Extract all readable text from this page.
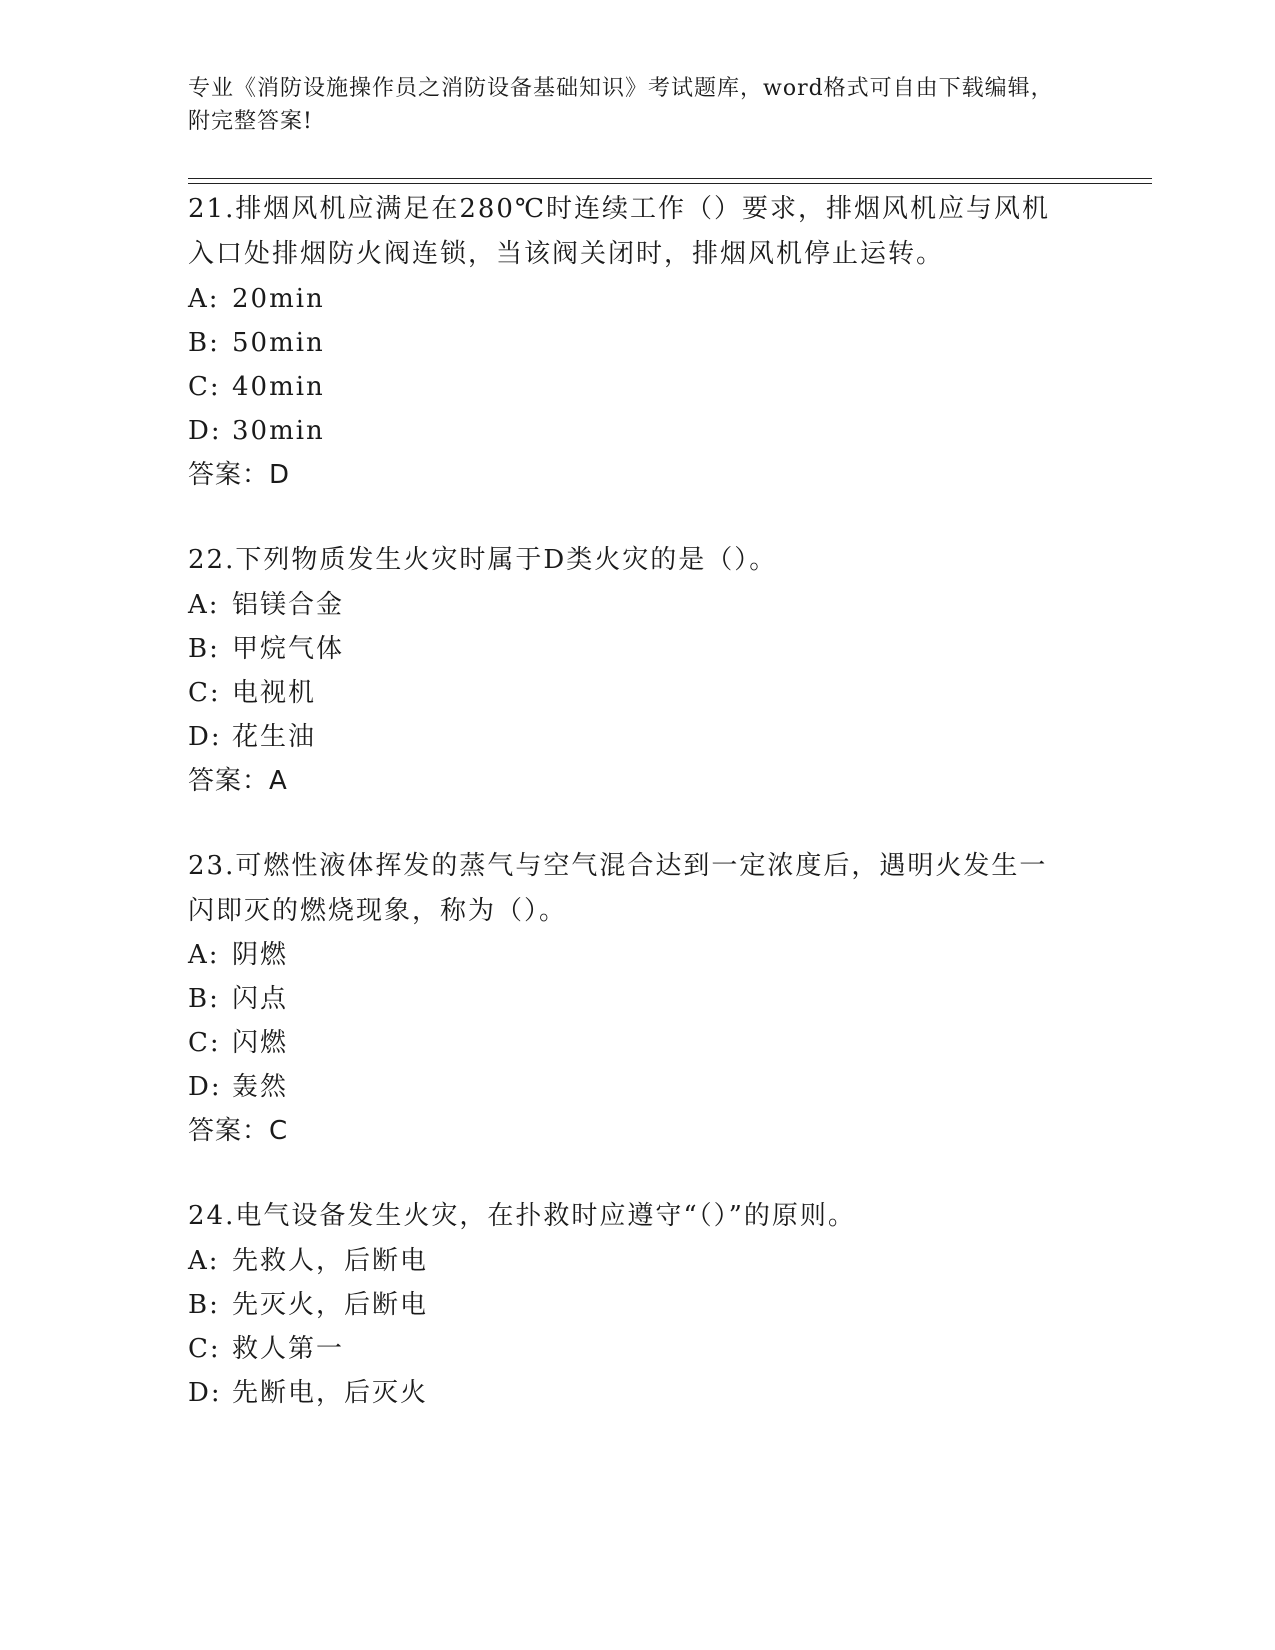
专业《消防设施操作员之消防设备基础知识》考试题库，word格式可自由下载编辑，附完整答案!

21.排烟风机应满足在280℃时连续工作（）要求，排烟风机应与风机入口处排烟防火阀连锁，当该阀关闭时，排烟风机停止运转。

A: 20min
B: 50min
C: 40min
D: 30min
答案：D

22.下列物质发生火灾时属于D类火灾的是（）。

A: 铝镁合金
B: 甲烷气体
C: 电视机
D: 花生油
答案：A

23.可燃性液体挥发的蒸气与空气混合达到一定浓度后，遇明火发生一闪即灭的燃烧现象，称为（）。

A: 阴燃
B: 闪点
C: 闪燃
D: 轰然
答案：C

24.电气设备发生火灾，在扑救时应遵守“（）”的原则。

A: 先救人，后断电
B: 先灭火，后断电
C: 救人第一
D: 先断电，后灭火
